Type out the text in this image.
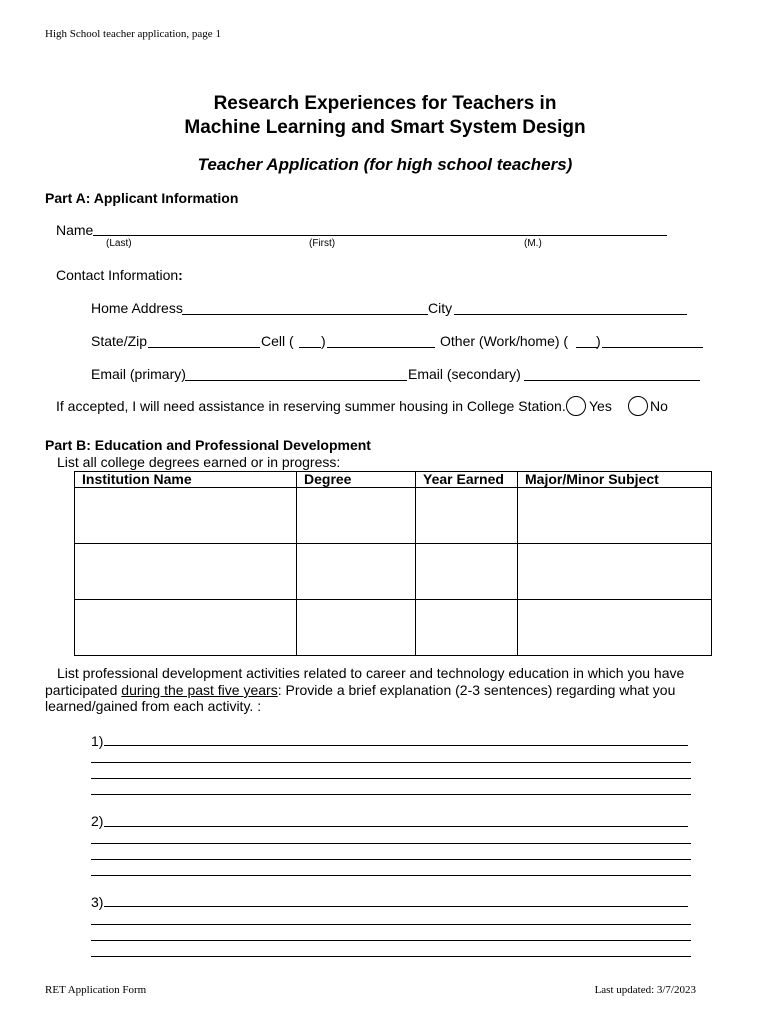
High School teacher application, page 1
Research Experiences for Teachers in
Machine Learning and Smart System Design
Teacher Application (for high school teachers)
Part A: Applicant Information
Name
(Last)	(First)	(M.)
Contact Information:
Home Address	City
State/Zip	Cell ( )	Other (Work/home) ( )
Email (primary)	Email (secondary)
If accepted, I will need assistance in reserving summer housing in College Station. Yes	No
Part B: Education and Professional Development
List all college degrees earned or in progress:
Institution Name	Degree	Year Earned	Major/Minor Subject

List professional development activities related to career and technology education in which you have
participated during the past five years: Provide a brief explanation (2-3 sentences) regarding what you
learned/gained from each activity. :
1)
2)
3)
RET Application Form	Last updated: 3/7/2023
